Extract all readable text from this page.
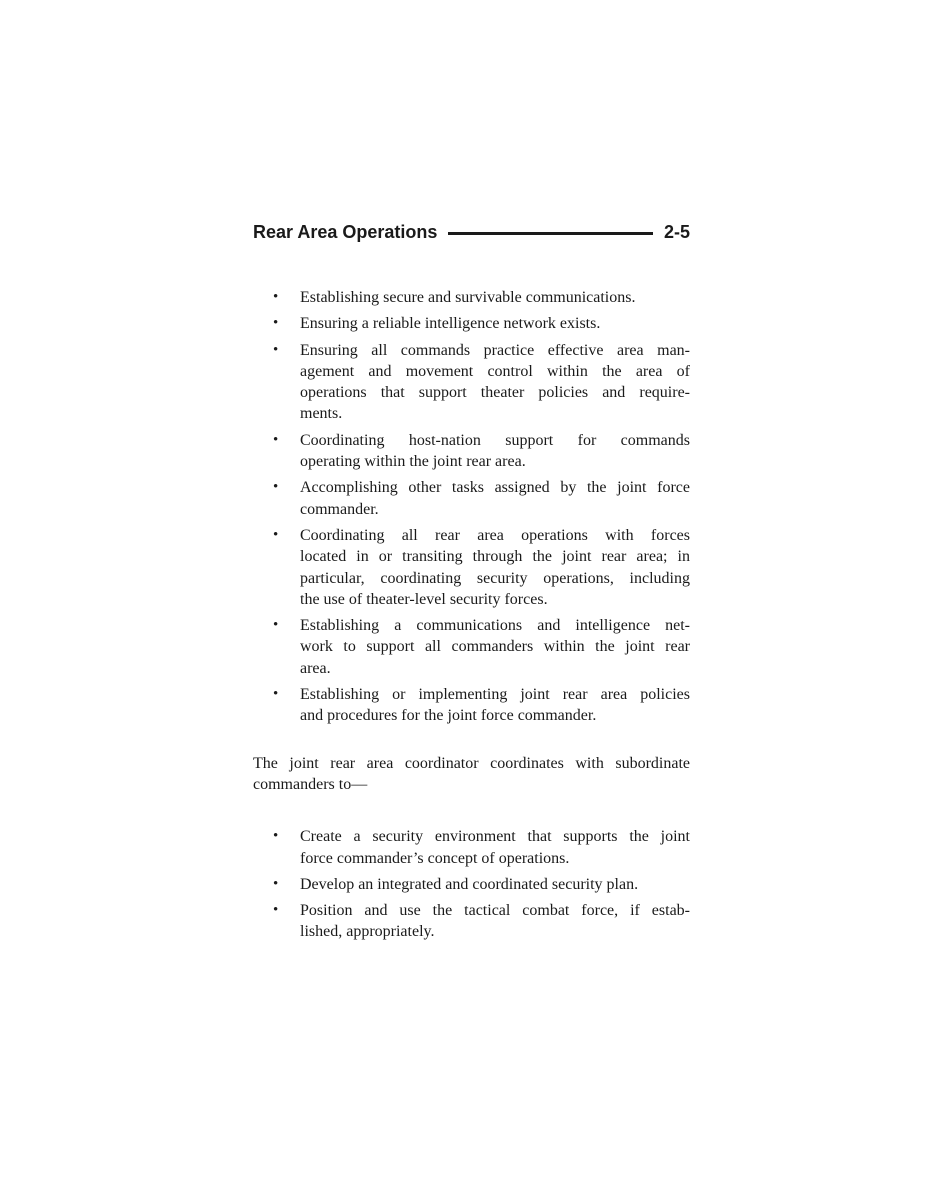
Rear Area Operations	2-5
•	Establishing secure and survivable communications.
•	Ensuring a reliable intelligence network exists.
•	Ensuring all commands practice effective area man-
agement and movement control within the area of
operations that support theater policies and require-
ments.
•	Coordinating host-nation support for commands
operating within the joint rear area.
•	Accomplishing other tasks assigned by the joint force
commander.
•	Coordinating all rear area operations with forces
located in or transiting through the joint rear area; in
particular, coordinating security operations, including
the use of theater-level security forces.
•	Establishing a communications and intelligence net-
work to support all commanders within the joint rear
area.
•	Establishing or implementing joint rear area policies
and procedures for the joint force commander.
The joint rear area coordinator coordinates with subordinate
commanders to—
•	Create a security environment that supports the joint
force commander’s concept of operations.
•	Develop an integrated and coordinated security plan.
•	Position and use the tactical combat force, if estab-
lished, appropriately.
